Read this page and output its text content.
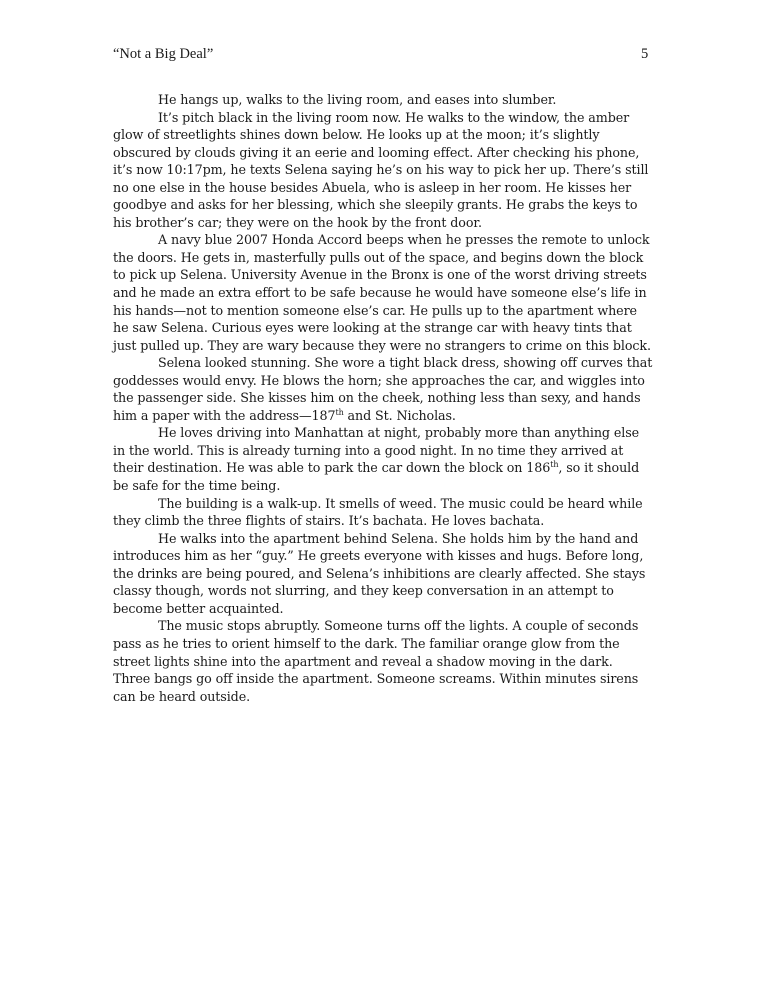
“Not a Big Deal”	5
He hangs up, walks to the living room, and eases into slumber.
It’s pitch black in the living room now. He walks to the window, the amber
glow of streetlights shines down below. He looks up at the moon; it’s slightly
obscured by clouds giving it an eerie and looming effect. After checking his phone,
it’s now 10:17pm, he texts Selena saying he’s on his way to pick her up. There’s still
no one else in the house besides Abuela, who is asleep in her room. He kisses her
goodbye and asks for her blessing, which she sleepily grants. He grabs the keys to
his brother’s car; they were on the hook by the front door.
A navy blue 2007 Honda Accord beeps when he presses the remote to unlock
the doors. He gets in, masterfully pulls out of the space, and begins down the block
to pick up Selena. University Avenue in the Bronx is one of the worst driving streets
and he made an extra effort to be safe because he would have someone else’s life in
his hands—not to mention someone else’s car. He pulls up to the apartment where
he saw Selena. Curious eyes were looking at the strange car with heavy tints that
just pulled up. They are wary because they were no strangers to crime on this block.
Selena looked stunning. She wore a tight black dress, showing off curves that
goddesses would envy. He blows the horn; she approaches the car, and wiggles into
the passenger side. She kisses him on the cheek, nothing less than sexy, and hands
him a paper with the address—187th and St. Nicholas.
He loves driving into Manhattan at night, probably more than anything else
in the world. This is already turning into a good night. In no time they arrived at
their destination. He was able to park the car down the block on 186th, so it should
be safe for the time being.
The building is a walk-up. It smells of weed. The music could be heard while
they climb the three flights of stairs. It’s bachata. He loves bachata.
He walks into the apartment behind Selena. She holds him by the hand and
introduces him as her “guy.” He greets everyone with kisses and hugs. Before long,
the drinks are being poured, and Selena’s inhibitions are clearly affected. She stays
classy though, words not slurring, and they keep conversation in an attempt to
become better acquainted.
The music stops abruptly. Someone turns off the lights. A couple of seconds
pass as he tries to orient himself to the dark. The familiar orange glow from the
street lights shine into the apartment and reveal a shadow moving in the dark.
Three bangs go off inside the apartment. Someone screams. Within minutes sirens
can be heard outside.
